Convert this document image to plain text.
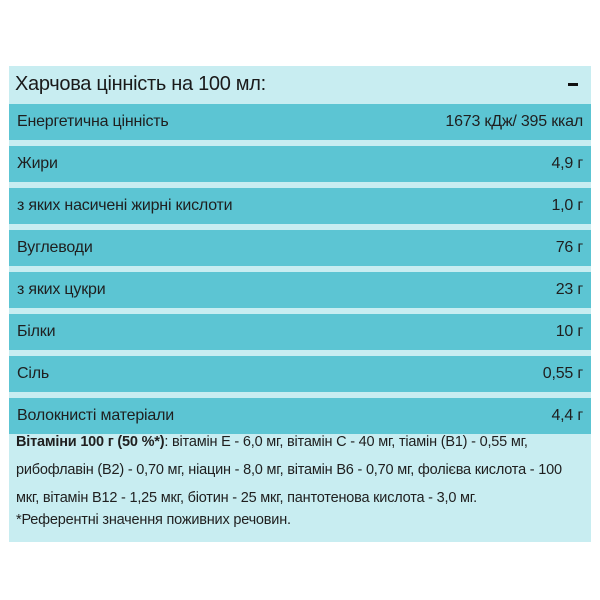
Харчова цінність на 100 мл:
Енергетична цінність	1673 кДж/ 395 ккал
Жири	4,9 г
з яких насичені жирні кислоти	1,0 г
Вуглеводи	76 г
з яких цукри	23 г
Білки	10 г
Сіль	0,55 г
Волокнисті матеріали	4,4 г
Вітаміни 100 г (50 %*): вітамін Е - 6,0 мг, вітамін С - 40 мг, тіамін (В1) - 0,55 мг, рибофлавін (В2) - 0,70 мг, ніацин - 8,0 мг, вітамін В6 - 0,70 мг, фолієва кислота - 100 мкг, вітамін В12 - 1,25 мкг, біотин - 25 мкг, пантотенова кислота - 3,0 мг.
*Референтні значення поживних речовин.
